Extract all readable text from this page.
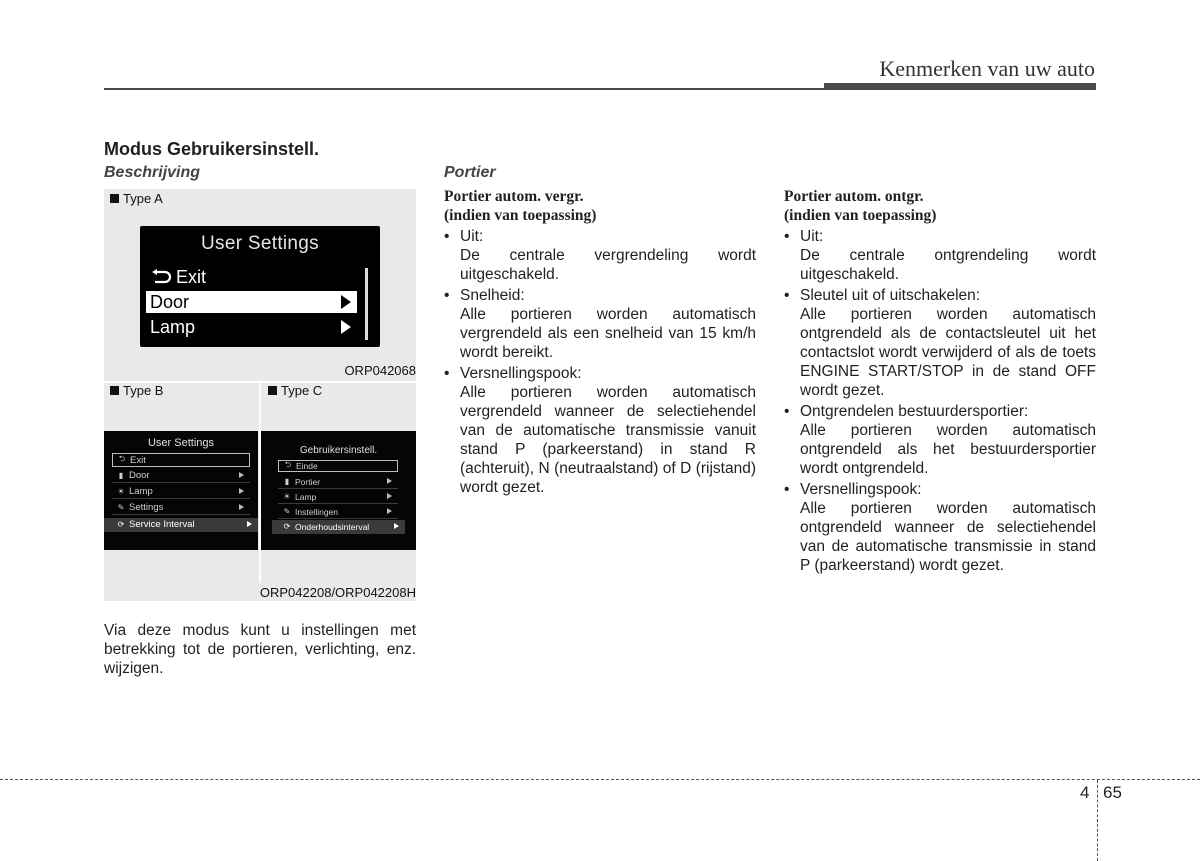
Kenmerken van uw auto
Modus Gebruikersinstell.
Beschrijving
Type A
ORP042068
User Settings
Exit
Door
Lamp
Type B	Type C
ORP042208/ORP042208H
User Settings
⮌ Exit
▮ Door
☀ Lamp
✎ Settings
⟳ Service Interval
Gebruikersinstell.
⮌ Einde
▮ Portier
☀ Lamp
✎ Instellingen
⟳ Onderhoudsinterval
Via deze modus kunt u instellingen met betrekking tot de portieren, verlichting, enz. wijzigen.
Portier
Portier autom. vergr.
(indien van toepassing)
• Uit:
De centrale vergrendeling wordt uitgeschakeld.
• Snelheid:
Alle portieren worden automatisch vergrendeld als een snelheid van 15 km/h wordt bereikt.
• Versnellingspook:
Alle portieren worden automatisch vergrendeld wanneer de selectiehendel van de automatische transmissie vanuit stand P (parkeerstand) in stand R (achteruit), N (neutraalstand) of D (rijstand) wordt gezet.
Portier autom. ontgr.
(indien van toepassing)
• Uit:
De centrale ontgrendeling wordt uitgeschakeld.
• Sleutel uit of uitschakelen:
Alle portieren worden automatisch ontgrendeld als de contactsleutel uit het contactslot wordt verwijderd of als de toets ENGINE START/STOP in de stand OFF wordt gezet.
• Ontgrendelen bestuurdersportier:
Alle portieren worden automatisch ontgrendeld als het bestuurdersportier wordt ontgrendeld.
• Versnellingspook:
Alle portieren worden automatisch ontgrendeld wanneer de selectiehendel van de automatische transmissie in stand P (parkeerstand) wordt gezet.
4 65
